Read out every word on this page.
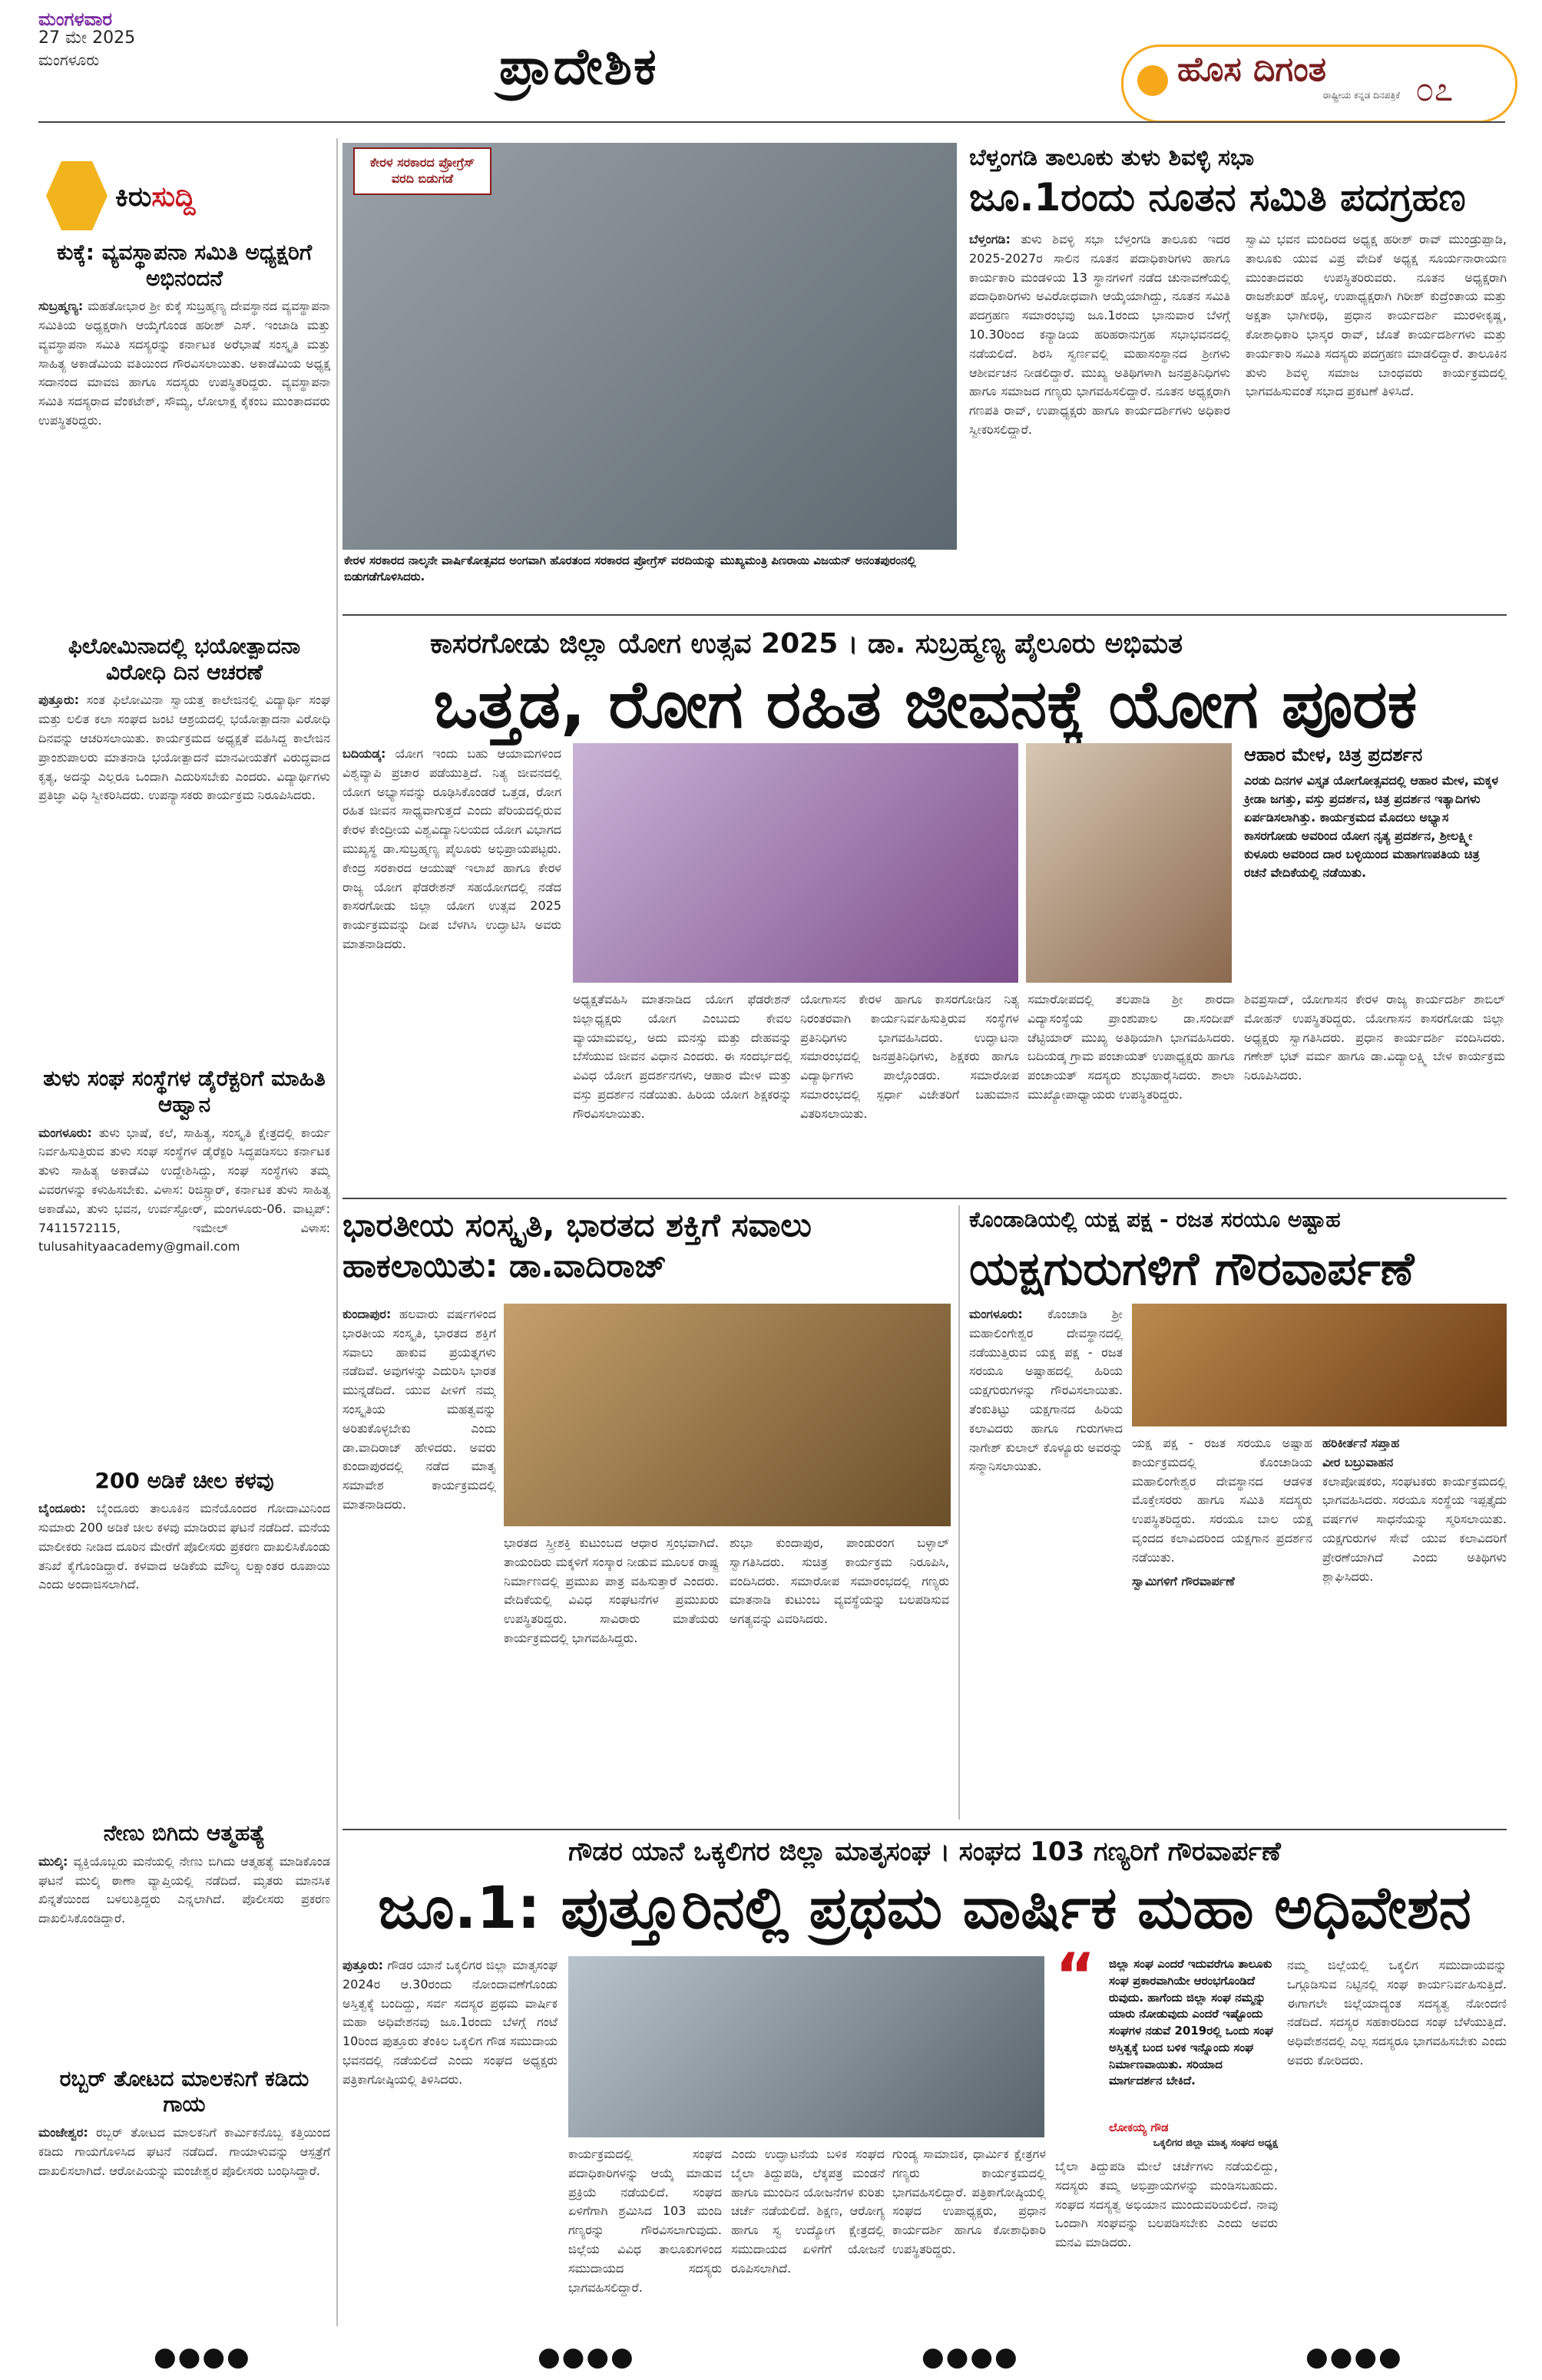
ಮಂಗಳವಾರ
27 ಮೇ 2025
ಮಂಗಳೂರು	ಪ್ರಾದೇಶಿಕ	ಹೊಸ ದಿಗಂತ
ರಾಷ್ಟ್ರೀಯ ಕನ್ನಡ ದಿನಪತ್ರಿಕೆ ೦೭
ಕಿರುಸುದ್ದಿ
ಕುಕ್ಕೆ: ವ್ಯವಸ್ಥಾಪನಾ ಸಮಿತಿ ಅಧ್ಯಕ್ಷರಿಗೆ ಅಭಿನಂದನೆ
ಸುಬ್ರಹ್ಮಣ್ಯ: ಮಹತೋಭಾರ ಶ್ರೀ ಕುಕ್ಕೆ ಸುಬ್ರಹ್ಮಣ್ಯ ದೇವಸ್ಥಾನದ ವ್ಯವಸ್ಥಾಪನಾ ಸಮಿತಿಯ ಅಧ್ಯಕ್ಷರಾಗಿ ಆಯ್ಕೆಗೊಂಡ ಹರೀಶ್ ಎಸ್. ಇಂಜಾಡಿ ಮತ್ತು ವ್ಯವಸ್ಥಾಪನಾ ಸಮಿತಿ ಸದಸ್ಯರನ್ನು ಕರ್ನಾಟಕ ಅರೆಭಾಷೆ ಸಂಸ್ಕೃತಿ ಮತ್ತು ಸಾಹಿತ್ಯ ಅಕಾಡೆಮಿಯ ವತಿಯಿಂದ ಗೌರವಿಸಲಾಯಿತು. ಅಕಾಡೆಮಿಯ ಅಧ್ಯಕ್ಷ ಸದಾನಂದ ಮಾವಜಿ ಹಾಗೂ ಸದಸ್ಯರು ಉಪಸ್ಥಿತರಿದ್ದರು. ವ್ಯವಸ್ಥಾಪನಾ ಸಮಿತಿ ಸದಸ್ಯರಾದ ವೆಂಕಟೇಶ್, ಸೌಮ್ಯ, ಲೋಲಾಕ್ಷ ಕೈಕಂಬ ಮುಂತಾದವರು ಉಪಸ್ಥಿತರಿದ್ದರು.
ಫಿಲೋಮಿನಾದಲ್ಲಿ ಭಯೋತ್ಪಾದನಾ ವಿರೋಧಿ ದಿನ ಆಚರಣೆ
ಪುತ್ತೂರು: ಸಂತ ಫಿಲೋಮಿನಾ ಸ್ವಾಯತ್ತ ಕಾಲೇಜಿನಲ್ಲಿ ವಿದ್ಯಾರ್ಥಿ ಸಂಘ ಮತ್ತು ಲಲಿತ ಕಲಾ ಸಂಘದ ಜಂಟಿ ಆಶ್ರಯದಲ್ಲಿ ಭಯೋತ್ಪಾದನಾ ವಿರೋಧಿ ದಿನವನ್ನು ಆಚರಿಸಲಾಯಿತು. ಕಾರ್ಯಕ್ರಮದ ಅಧ್ಯಕ್ಷತೆ ವಹಿಸಿದ್ದ ಕಾಲೇಜಿನ ಪ್ರಾಂಶುಪಾಲರು ಮಾತನಾಡಿ ಭಯೋತ್ಪಾದನೆ ಮಾನವೀಯತೆಗೆ ವಿರುದ್ಧವಾದ ಕೃತ್ಯ, ಅದನ್ನು ಎಲ್ಲರೂ ಒಂದಾಗಿ ಎದುರಿಸಬೇಕು ಎಂದರು. ವಿದ್ಯಾರ್ಥಿಗಳು ಪ್ರತಿಜ್ಞಾ ವಿಧಿ ಸ್ವೀಕರಿಸಿದರು. ಉಪನ್ಯಾಸಕರು ಕಾರ್ಯಕ್ರಮ ನಿರೂಪಿಸಿದರು.
ತುಳು ಸಂಘ ಸಂಸ್ಥೆಗಳ ಡೈರೆಕ್ಟರಿಗೆ ಮಾಹಿತಿ ಆಹ್ವಾನ
ಮಂಗಳೂರು: ತುಳು ಭಾಷೆ, ಕಲೆ, ಸಾಹಿತ್ಯ, ಸಂಸ್ಕೃತಿ ಕ್ಷೇತ್ರದಲ್ಲಿ ಕಾರ್ಯ ನಿರ್ವಹಿಸುತ್ತಿರುವ ತುಳು ಸಂಘ ಸಂಸ್ಥೆಗಳ ಡೈರೆಕ್ಟರಿ ಸಿದ್ಧಪಡಿಸಲು ಕರ್ನಾಟಕ ತುಳು ಸಾಹಿತ್ಯ ಅಕಾಡೆಮಿ ಉದ್ದೇಶಿಸಿದ್ದು, ಸಂಘ ಸಂಸ್ಥೆಗಳು ತಮ್ಮ ವಿವರಗಳನ್ನು ಕಳುಹಿಸಬೇಕು. ವಿಳಾಸ: ರಿಜಿಸ್ಟ್ರಾರ್, ಕರ್ನಾಟಕ ತುಳು ಸಾಹಿತ್ಯ ಅಕಾಡೆಮಿ, ತುಳು ಭವನ, ಉರ್ವಸ್ಟೋರ್, ಮಂಗಳೂರು-06. ವಾಟ್ಸಪ್: 7411572115, ಇಮೇಲ್ ವಿಳಾಸ: tulusahityaacademy@gmail.com
200 ಅಡಿಕೆ ಚೀಲ ಕಳವು
ಬೈಂದೂರು: ಬೈಂದೂರು ತಾಲೂಕಿನ ಮನೆಯೊಂದರ ಗೋದಾಮಿನಿಂದ ಸುಮಾರು 200 ಅಡಿಕೆ ಚೀಲ ಕಳವು ಮಾಡಿರುವ ಘಟನೆ ನಡೆದಿದೆ. ಮನೆಯ ಮಾಲೀಕರು ನೀಡಿದ ದೂರಿನ ಮೇರೆಗೆ ಪೊಲೀಸರು ಪ್ರಕರಣ ದಾಖಲಿಸಿಕೊಂಡು ತನಿಖೆ ಕೈಗೊಂಡಿದ್ದಾರೆ. ಕಳವಾದ ಅಡಿಕೆಯ ಮೌಲ್ಯ ಲಕ್ಷಾಂತರ ರೂಪಾಯಿ ಎಂದು ಅಂದಾಜಿಸಲಾಗಿದೆ.
ನೇಣು ಬಿಗಿದು ಆತ್ಮಹತ್ಯೆ
ಮುಲ್ಕಿ: ವ್ಯಕ್ತಿಯೊಬ್ಬರು ಮನೆಯಲ್ಲಿ ನೇಣು ಬಿಗಿದು ಆತ್ಮಹತ್ಯೆ ಮಾಡಿಕೊಂಡ ಘಟನೆ ಮುಲ್ಕಿ ಠಾಣಾ ವ್ಯಾಪ್ತಿಯಲ್ಲಿ ನಡೆದಿದೆ. ಮೃತರು ಮಾನಸಿಕ ಖಿನ್ನತೆಯಿಂದ ಬಳಲುತ್ತಿದ್ದರು ಎನ್ನಲಾಗಿದೆ. ಪೊಲೀಸರು ಪ್ರಕರಣ ದಾಖಲಿಸಿಕೊಂಡಿದ್ದಾರೆ.
ರಬ್ಬರ್ ತೋಟದ ಮಾಲಕನಿಗೆ ಕಡಿದು ಗಾಯ
ಮಂಜೇಶ್ವರ: ರಬ್ಬರ್ ತೋಟದ ಮಾಲಕನಿಗೆ ಕಾರ್ಮಿಕನೊಬ್ಬ ಕತ್ತಿಯಿಂದ ಕಡಿದು ಗಾಯಗೊಳಿಸಿದ ಘಟನೆ ನಡೆದಿದೆ. ಗಾಯಾಳುವನ್ನು ಆಸ್ಪತ್ರೆಗೆ ದಾಖಲಿಸಲಾಗಿದೆ. ಆರೋಪಿಯನ್ನು ಮಂಜೇಶ್ವರ ಪೊಲೀಸರು ಬಂಧಿಸಿದ್ದಾರೆ.
ಕೇರಳ ಸರಕಾರದ ಪ್ರೋಗ್ರೆಸ್ ವರದಿ ಬಿಡುಗಡೆ
ಕೇರಳ ಸರಕಾರದ ನಾಲ್ಕನೇ ವಾರ್ಷಿಕೋತ್ಸವದ ಅಂಗವಾಗಿ ಹೊರತಂದ ಸರಕಾರದ ಪ್ರೋಗ್ರೆಸ್ ವರದಿಯನ್ನು ಮುಖ್ಯಮಂತ್ರಿ ಪಿಣರಾಯಿ ವಿಜಯನ್ ಅನಂತಪುರಂನಲ್ಲಿ ಬಿಡುಗಡೆಗೊಳಿಸಿದರು.
ಬೆಳ್ತಂಗಡಿ ತಾಲೂಕು ತುಳು ಶಿವಳ್ಳಿ ಸಭಾ
ಜೂ.1ರಂದು ನೂತನ ಸಮಿತಿ ಪದಗ್ರಹಣ
ಬೆಳ್ತಂಗಡಿ: ತುಳು ಶಿವಳ್ಳಿ ಸಭಾ ಬೆಳ್ತಂಗಡಿ ತಾಲೂಕು ಇದರ 2025-2027ರ ಸಾಲಿನ ನೂತನ ಪದಾಧಿಕಾರಿಗಳು ಹಾಗೂ ಕಾರ್ಯಕಾರಿ ಮಂಡಳಿಯ 13 ಸ್ಥಾನಗಳಿಗೆ ನಡೆದ ಚುನಾವಣೆಯಲ್ಲಿ ಪದಾಧಿಕಾರಿಗಳು ಅವಿರೋಧವಾಗಿ ಆಯ್ಕೆಯಾಗಿದ್ದು, ನೂತನ ಸಮಿತಿ ಪದಗ್ರಹಣ ಸಮಾರಂಭವು ಜೂ.1ರಂದು ಭಾನುವಾರ ಬೆಳಗ್ಗೆ 10.30ರಿಂದ ಕನ್ಯಾಡಿಯ ಹರಿಹರಾನುಗ್ರಹ ಸಭಾಭವನದಲ್ಲಿ ನಡೆಯಲಿದೆ. ಶಿರಸಿ ಸ್ವರ್ಣವಲ್ಲಿ ಮಹಾಸಂಸ್ಥಾನದ ಶ್ರೀಗಳು ಆಶೀರ್ವಚನ ನೀಡಲಿದ್ದಾರೆ. ಮುಖ್ಯ ಅತಿಥಿಗಳಾಗಿ ಜನಪ್ರತಿನಿಧಿಗಳು ಹಾಗೂ ಸಮಾಜದ ಗಣ್ಯರು ಭಾಗವಹಿಸಲಿದ್ದಾರೆ. ನೂತನ ಅಧ್ಯಕ್ಷರಾಗಿ ಗಣಪತಿ ರಾವ್, ಉಪಾಧ್ಯಕ್ಷರು ಹಾಗೂ ಕಾರ್ಯದರ್ಶಿಗಳು ಅಧಿಕಾರ ಸ್ವೀಕರಿಸಲಿದ್ದಾರೆ.
ಸ್ವಾಮಿ ಭವನ ಮಂದಿರದ ಅಧ್ಯಕ್ಷ ಹರೀಶ್ ರಾವ್ ಮುಂಡ್ರುಪ್ಪಾಡಿ, ತಾಲೂಕು ಯುವ ವಿಪ್ರ ವೇದಿಕೆ ಅಧ್ಯಕ್ಷ ಸೂರ್ಯನಾರಾಯಣ ಮುಂತಾದವರು ಉಪಸ್ಥಿತರಿರುವರು. ನೂತನ ಅಧ್ಯಕ್ಷರಾಗಿ ರಾಜಶೇಖರ್ ಹೊಳ್ಳ, ಉಪಾಧ್ಯಕ್ಷರಾಗಿ ಗಿರೀಶ್ ಕುದ್ರೆಂತಾಯ ಮತ್ತು ಅಕ್ಷತಾ ಭಾಗೀರಥಿ, ಪ್ರಧಾನ ಕಾರ್ಯದರ್ಶಿ ಮುರಳೀಕೃಷ್ಣ, ಕೋಶಾಧಿಕಾರಿ ಭಾಸ್ಕರ ರಾವ್, ಜೊತೆ ಕಾರ್ಯದರ್ಶಿಗಳು ಮತ್ತು ಕಾರ್ಯಕಾರಿ ಸಮಿತಿ ಸದಸ್ಯರು ಪದಗ್ರಹಣ ಮಾಡಲಿದ್ದಾರೆ. ತಾಲೂಕಿನ ತುಳು ಶಿವಳ್ಳಿ ಸಮಾಜ ಬಾಂಧವರು ಕಾರ್ಯಕ್ರಮದಲ್ಲಿ ಭಾಗವಹಿಸುವಂತೆ ಸಭಾದ ಪ್ರಕಟಣೆ ತಿಳಿಸಿದೆ.
ಕಾಸರಗೋಡು ಜಿಲ್ಲಾ ಯೋಗ ಉತ್ಸವ 2025 । ಡಾ. ಸುಬ್ರಹ್ಮಣ್ಯ ಪೈಲೂರು ಅಭಿಮತ
ಒತ್ತಡ, ರೋಗ ರಹಿತ ಜೀವನಕ್ಕೆ ಯೋಗ ಪೂರಕ
ಬದಿಯಡ್ಕ: ಯೋಗ ಇಂದು ಬಹು ಆಯಾಮಗಳಿಂದ ವಿಶ್ವವ್ಯಾಪಿ ಪ್ರಚಾರ ಪಡೆಯುತ್ತಿದೆ. ನಿತ್ಯ ಜೀವನದಲ್ಲಿ ಯೋಗ ಅಭ್ಯಾಸವನ್ನು ರೂಢಿಸಿಕೊಂಡರೆ ಒತ್ತಡ, ರೋಗ ರಹಿತ ಜೀವನ ಸಾಧ್ಯವಾಗುತ್ತದೆ ಎಂದು ಪೆರಿಯದಲ್ಲಿರುವ ಕೇರಳ ಕೇಂದ್ರೀಯ ವಿಶ್ವವಿದ್ಯಾನಿಲಯದ ಯೋಗ ವಿಭಾಗದ ಮುಖ್ಯಸ್ಥ ಡಾ.ಸುಬ್ರಹ್ಮಣ್ಯ ಪೈಲೂರು ಅಭಿಪ್ರಾಯಪಟ್ಟರು. ಕೇಂದ್ರ ಸರಕಾರದ ಆಯುಷ್ ಇಲಾಖೆ ಹಾಗೂ ಕೇರಳ ರಾಜ್ಯ ಯೋಗ ಫೆಡರೇಶನ್ ಸಹಯೋಗದಲ್ಲಿ ನಡೆದ ಕಾಸರಗೋಡು ಜಿಲ್ಲಾ ಯೋಗ ಉತ್ಸವ 2025 ಕಾರ್ಯಕ್ರಮವನ್ನು ದೀಪ ಬೆಳಗಿಸಿ ಉದ್ಘಾಟಿಸಿ ಅವರು ಮಾತನಾಡಿದರು.
ಆಹಾರ ಮೇಳ, ಚಿತ್ರ ಪ್ರದರ್ಶನ
ಎರಡು ದಿನಗಳ ವಿಸ್ತೃತ ಯೋಗೋತ್ಸವದಲ್ಲಿ ಆಹಾರ ಮೇಳ, ಮಕ್ಕಳ ಕ್ರೀಡಾ ಜಗತ್ತು, ವಸ್ತು ಪ್ರದರ್ಶನ, ಚಿತ್ರ ಪ್ರದರ್ಶನ ಇತ್ಯಾದಿಗಳು ಏರ್ಪಡಿಸಲಾಗಿತ್ತು. ಕಾರ್ಯಕ್ರಮದ ಮೊದಲು ಅಭ್ಯಾಸ ಕಾಸರಗೋಡು ಅವರಿಂದ ಯೋಗ ನೃತ್ಯ ಪ್ರದರ್ಶನ, ಶ್ರೀಲಕ್ಷ್ಮೀ ಕುಳೂರು ಅವರಿಂದ ದಾರ ಬಳ್ಳಿಯಿಂದ ಮಹಾಗಣಪತಿಯ ಚಿತ್ರ ರಚನೆ ವೇದಿಕೆಯಲ್ಲಿ ನಡೆಯಿತು.
ಅಧ್ಯಕ್ಷತೆವಹಿಸಿ ಮಾತನಾಡಿದ ಯೋಗ ಫೆಡರೇಶನ್ ಜಿಲ್ಲಾಧ್ಯಕ್ಷರು ಯೋಗ ಎಂಬುದು ಕೇವಲ ವ್ಯಾಯಾಮವಲ್ಲ, ಅದು ಮನಸ್ಸು ಮತ್ತು ದೇಹವನ್ನು ಬೆಸೆಯುವ ಜೀವನ ವಿಧಾನ ಎಂದರು. ಈ ಸಂದರ್ಭದಲ್ಲಿ ವಿವಿಧ ಯೋಗ ಪ್ರದರ್ಶನಗಳು, ಆಹಾರ ಮೇಳ ಮತ್ತು ವಸ್ತು ಪ್ರದರ್ಶನ ನಡೆಯಿತು. ಹಿರಿಯ ಯೋಗ ಶಿಕ್ಷಕರನ್ನು ಗೌರವಿಸಲಾಯಿತು.
ಯೋಗಾಸನ ಕೇರಳ ಹಾಗೂ ಕಾಸರಗೋಡಿನ ನಿತ್ಯ ನಿರಂತರವಾಗಿ ಕಾರ್ಯನಿರ್ವಹಿಸುತ್ತಿರುವ ಸಂಸ್ಥೆಗಳ ಪ್ರತಿನಿಧಿಗಳು ಭಾಗವಹಿಸಿದರು. ಉದ್ಘಾಟನಾ ಸಮಾರಂಭದಲ್ಲಿ ಜನಪ್ರತಿನಿಧಿಗಳು, ಶಿಕ್ಷಕರು ಹಾಗೂ ವಿದ್ಯಾರ್ಥಿಗಳು ಪಾಲ್ಗೊಂಡರು. ಸಮಾರೋಪ ಸಮಾರಂಭದಲ್ಲಿ ಸ್ಪರ್ಧಾ ವಿಜೇತರಿಗೆ ಬಹುಮಾನ ವಿತರಿಸಲಾಯಿತು.
ಸಮಾರೋಪದಲ್ಲಿ ತಲಪಾಡಿ ಶ್ರೀ ಶಾರದಾ ವಿದ್ಯಾಸಂಸ್ಥೆಯ ಪ್ರಾಂಶುಪಾಲ ಡಾ.ಸಂದೀಪ್ ಚೆಟ್ಟಿಯಾರ್ ಮುಖ್ಯ ಅತಿಥಿಯಾಗಿ ಭಾಗವಹಿಸಿದರು. ಬದಿಯಡ್ಕ ಗ್ರಾಮ ಪಂಚಾಯತ್ ಉಪಾಧ್ಯಕ್ಷರು ಹಾಗೂ ಪಂಚಾಯತ್ ಸದಸ್ಯರು ಶುಭಹಾರೈಸಿದರು. ಶಾಲಾ ಮುಖ್ಯೋಪಾಧ್ಯಾಯರು ಉಪಸ್ಥಿತರಿದ್ದರು.
ಶಿವಪ್ರಸಾದ್, ಯೋಗಾಸನ ಕೇರಳ ರಾಜ್ಯ ಕಾರ್ಯದರ್ಶಿ ಶಾಬಿಲ್ ಮೋಹನ್ ಉಪಸ್ಥಿತರಿದ್ದರು. ಯೋಗಾಸನ ಕಾಸರಗೋಡು ಜಿಲ್ಲಾ ಅಧ್ಯಕ್ಷರು ಸ್ವಾಗತಿಸಿದರು. ಪ್ರಧಾನ ಕಾರ್ಯದರ್ಶಿ ವಂದಿಸಿದರು. ಗಣೇಶ್ ಭಟ್ ವರ್ಮ ಹಾಗೂ ಡಾ.ವಿದ್ಯಾಲಕ್ಷ್ಮಿ ಬೇಳ ಕಾರ್ಯಕ್ರಮ ನಿರೂಪಿಸಿದರು.
ಭಾರತೀಯ ಸಂಸ್ಕೃತಿ, ಭಾರತದ ಶಕ್ತಿಗೆ ಸವಾಲು ಹಾಕಲಾಯಿತು: ಡಾ.ವಾದಿರಾಜ್
ಕುಂದಾಪುರ: ಹಲವಾರು ವರ್ಷಗಳಿಂದ ಭಾರತೀಯ ಸಂಸ್ಕೃತಿ, ಭಾರತದ ಶಕ್ತಿಗೆ ಸವಾಲು ಹಾಕುವ ಪ್ರಯತ್ನಗಳು ನಡೆದಿವೆ. ಅವುಗಳನ್ನು ಎದುರಿಸಿ ಭಾರತ ಮುನ್ನಡೆದಿದೆ. ಯುವ ಪೀಳಿಗೆ ನಮ್ಮ ಸಂಸ್ಕೃತಿಯ ಮಹತ್ವವನ್ನು ಅರಿತುಕೊಳ್ಳಬೇಕು ಎಂದು ಡಾ.ವಾದಿರಾಜ್ ಹೇಳಿದರು. ಅವರು ಕುಂದಾಪುರದಲ್ಲಿ ನಡೆದ ಮಾತೃ ಸಮಾವೇಶ ಕಾರ್ಯಕ್ರಮದಲ್ಲಿ ಮಾತನಾಡಿದರು.
ಭಾರತದ ಸ್ತ್ರೀಶಕ್ತಿ ಕುಟುಂಬದ ಆಧಾರ ಸ್ತಂಭವಾಗಿದೆ. ತಾಯಂದಿರು ಮಕ್ಕಳಿಗೆ ಸಂಸ್ಕಾರ ನೀಡುವ ಮೂಲಕ ರಾಷ್ಟ್ರ ನಿರ್ಮಾಣದಲ್ಲಿ ಪ್ರಮುಖ ಪಾತ್ರ ವಹಿಸುತ್ತಾರೆ ಎಂದರು. ವೇದಿಕೆಯಲ್ಲಿ ವಿವಿಧ ಸಂಘಟನೆಗಳ ಪ್ರಮುಖರು ಉಪಸ್ಥಿತರಿದ್ದರು. ಸಾವಿರಾರು ಮಾತೆಯರು ಕಾರ್ಯಕ್ರಮದಲ್ಲಿ ಭಾಗವಹಿಸಿದ್ದರು.
ಶುಭಾ ಕುಂದಾಪುರ, ಪಾಂಡುರಂಗ ಬಳ್ಳಾಲ್ ಸ್ವಾಗತಿಸಿದರು. ಸುಚಿತ್ರ ಕಾರ್ಯಕ್ರಮ ನಿರೂಪಿಸಿ, ವಂದಿಸಿದರು. ಸಮಾರೋಪ ಸಮಾರಂಭದಲ್ಲಿ ಗಣ್ಯರು ಮಾತನಾಡಿ ಕುಟುಂಬ ವ್ಯವಸ್ಥೆಯನ್ನು ಬಲಪಡಿಸುವ ಅಗತ್ಯವನ್ನು ವಿವರಿಸಿದರು.
ಕೊಂಡಾಡಿಯಲ್ಲಿ ಯಕ್ಷ ಪಕ್ಷ - ರಜತ ಸರಯೂ ಅಷ್ಟಾಹ
ಯಕ್ಷಗುರುಗಳಿಗೆ ಗೌರವಾರ್ಪಣೆ
ಮಂಗಳೂರು: ಕೊಂಚಾಡಿ ಶ್ರೀ ಮಹಾಲಿಂಗೇಶ್ವರ ದೇವಸ್ಥಾನದಲ್ಲಿ ನಡೆಯುತ್ತಿರುವ ಯಕ್ಷ ಪಕ್ಷ - ರಜತ ಸರಯೂ ಅಷ್ಟಾಹದಲ್ಲಿ ಹಿರಿಯ ಯಕ್ಷಗುರುಗಳನ್ನು ಗೌರವಿಸಲಾಯಿತು. ತೆಂಕುತಿಟ್ಟು ಯಕ್ಷಗಾನದ ಹಿರಿಯ ಕಲಾವಿದರು ಹಾಗೂ ಗುರುಗಳಾದ ನಾಗೇಶ್ ಕುಲಾಲ್ ಕೊಳ್ಯೂರು ಅವರನ್ನು ಸನ್ಮಾನಿಸಲಾಯಿತು.
ಯಕ್ಷ ಪಕ್ಷ - ರಜತ ಸರಯೂ ಅಷ್ಟಾಹ ಕಾರ್ಯಕ್ರಮದಲ್ಲಿ ಕೊಂಚಾಡಿಯ ಮಹಾಲಿಂಗೇಶ್ವರ ದೇವಸ್ಥಾನದ ಆಡಳಿತ ಮೊಕ್ತೇಸರರು ಹಾಗೂ ಸಮಿತಿ ಸದಸ್ಯರು ಉಪಸ್ಥಿತರಿದ್ದರು. ಸರಯೂ ಬಾಲ ಯಕ್ಷ ವೃಂದದ ಕಲಾವಿದರಿಂದ ಯಕ್ಷಗಾನ ಪ್ರದರ್ಶನ ನಡೆಯಿತು.
ಸ್ವಾಮಿಗಳಿಗೆ ಗೌರವಾರ್ಪಣೆ
ಹರಿಕೀರ್ತನೆ ಸಪ್ತಾಹ
ವೀರ ಬಬ್ರುವಾಹನ
ಕಲಾಪೋಷಕರು, ಸಂಘಟಕರು ಕಾರ್ಯಕ್ರಮದಲ್ಲಿ ಭಾಗವಹಿಸಿದರು. ಸರಯೂ ಸಂಸ್ಥೆಯ ಇಪ್ಪತ್ತೈದು ವರ್ಷಗಳ ಸಾಧನೆಯನ್ನು ಸ್ಮರಿಸಲಾಯಿತು. ಯಕ್ಷಗುರುಗಳ ಸೇವೆ ಯುವ ಕಲಾವಿದರಿಗೆ ಪ್ರೇರಣೆಯಾಗಿದೆ ಎಂದು ಅತಿಥಿಗಳು ಶ್ಲಾಘಿಸಿದರು.
ಗೌಡರ ಯಾನೆ ಒಕ್ಕಲಿಗರ ಜಿಲ್ಲಾ ಮಾತೃಸಂಘ । ಸಂಘದ 103 ಗಣ್ಯರಿಗೆ ಗೌರವಾರ್ಪಣೆ
ಜೂ.1: ಪುತ್ತೂರಿನಲ್ಲಿ ಪ್ರಥಮ ವಾರ್ಷಿಕ ಮಹಾ ಅಧಿವೇಶನ
ಪುತ್ತೂರು: ಗೌಡರ ಯಾನೆ ಒಕ್ಕಲಿಗರ ಜಿಲ್ಲಾ ಮಾತೃಸಂಘ 2024ರ ಆ.30ರಂದು ನೋಂದಾವಣೆಗೊಂಡು ಅಸ್ತಿತ್ವಕ್ಕೆ ಬಂದಿದ್ದು, ಸರ್ವ ಸದಸ್ಯರ ಪ್ರಥಮ ವಾರ್ಷಿಕ ಮಹಾ ಅಧಿವೇಶನವು ಜೂ.1ರಂದು ಬೆಳಗ್ಗೆ ಗಂಟೆ 10ರಿಂದ ಪುತ್ತೂರು ತೆಂಕಿಲ ಒಕ್ಕಲಿಗ ಗೌಡ ಸಮುದಾಯ ಭವನದಲ್ಲಿ ನಡೆಯಲಿದೆ ಎಂದು ಸಂಘದ ಅಧ್ಯಕ್ಷರು ಪತ್ರಿಕಾಗೋಷ್ಠಿಯಲ್ಲಿ ತಿಳಿಸಿದರು.
ಕಾರ್ಯಕ್ರಮದಲ್ಲಿ ಸಂಘದ ಪದಾಧಿಕಾರಿಗಳನ್ನು ಆಯ್ಕೆ ಮಾಡುವ ಪ್ರಕ್ರಿಯೆ ನಡೆಯಲಿದೆ. ಸಂಘದ ಏಳಿಗೆಗಾಗಿ ಶ್ರಮಿಸಿದ 103 ಮಂದಿ ಗಣ್ಯರನ್ನು ಗೌರವಿಸಲಾಗುವುದು. ಜಿಲ್ಲೆಯ ವಿವಿಧ ತಾಲೂಕುಗಳಿಂದ ಸಮುದಾಯದ ಸದಸ್ಯರು ಭಾಗವಹಿಸಲಿದ್ದಾರೆ.
ಎಂದು ಉದ್ಘಾಟನೆಯ ಬಳಿಕ ಸಂಘದ ಬೈಲಾ ತಿದ್ದುಪಡಿ, ಲೆಕ್ಕಪತ್ರ ಮಂಡನೆ ಹಾಗೂ ಮುಂದಿನ ಯೋಜನೆಗಳ ಕುರಿತು ಚರ್ಚೆ ನಡೆಯಲಿದೆ. ಶಿಕ್ಷಣ, ಆರೋಗ್ಯ ಹಾಗೂ ಸ್ವ ಉದ್ಯೋಗ ಕ್ಷೇತ್ರದಲ್ಲಿ ಸಮುದಾಯದ ಏಳಿಗೆಗೆ ಯೋಜನೆ ರೂಪಿಸಲಾಗಿದೆ.
ಗುಂಡ್ಯ ಸಾಮಾಜಿಕ, ಧಾರ್ಮಿಕ ಕ್ಷೇತ್ರಗಳ ಗಣ್ಯರು ಕಾರ್ಯಕ್ರಮದಲ್ಲಿ ಭಾಗವಹಿಸಲಿದ್ದಾರೆ. ಪತ್ರಿಕಾಗೋಷ್ಠಿಯಲ್ಲಿ ಸಂಘದ ಉಪಾಧ್ಯಕ್ಷರು, ಪ್ರಧಾನ ಕಾರ್ಯದರ್ಶಿ ಹಾಗೂ ಕೋಶಾಧಿಕಾರಿ ಉಪಸ್ಥಿತರಿದ್ದರು.
“ ಜಿಲ್ಲಾ ಸಂಘ ಎಂದರೆ ಇದುವರೆಗೂ ತಾಲೂಕು ಸಂಘ ಪ್ರಕಾರವಾಗಿಯೇ ಆರಂಭಗೊಂಡಿದೆ ರುವುದು. ಹಾಗೆಂದು ಜಿಲ್ಲಾ ಸಂಘ ನಮ್ಮನ್ನು ಯಾರು ನೋಡುವುದು ಎಂದರೆ ಇಷ್ಟೊಂದು ಸಂಘಗಳ ನಡುವೆ 2019ರಲ್ಲಿ ಒಂದು ಸಂಘ ಅಸ್ತಿತ್ವಕ್ಕೆ ಬಂದ ಬಳಿಕ ಇನ್ನೊಂದು ಸಂಘ ನಿರ್ಮಾಣವಾಯಿತು. ಸರಿಯಾದ ಮಾರ್ಗದರ್ಶನ ಬೇಕಿದೆ.
ಲೋಕಯ್ಯ ಗೌಡ
ಒಕ್ಕಲಿಗರ ಜಿಲ್ಲಾ ಮಾತೃ ಸಂಘದ ಅಧ್ಯಕ್ಷ
ಬೈಲಾ ತಿದ್ದುಪಡಿ ಮೇಲೆ ಚರ್ಚೆಗಳು ನಡೆಯಲಿದ್ದು, ಸದಸ್ಯರು ತಮ್ಮ ಅಭಿಪ್ರಾಯಗಳನ್ನು ಮಂಡಿಸಬಹುದು. ಸಂಘದ ಸದಸ್ಯತ್ವ ಅಭಿಯಾನ ಮುಂದುವರಿಯಲಿದೆ. ನಾವು ಒಂದಾಗಿ ಸಂಘವನ್ನು ಬಲಪಡಿಸಬೇಕು ಎಂದು ಅವರು ಮನವಿ ಮಾಡಿದರು.
ನಮ್ಮ ಜಿಲ್ಲೆಯಲ್ಲಿ ಒಕ್ಕಲಿಗ ಸಮುದಾಯವನ್ನು ಒಗ್ಗೂಡಿಸುವ ನಿಟ್ಟಿನಲ್ಲಿ ಸಂಘ ಕಾರ್ಯನಿರ್ವಹಿಸುತ್ತಿದೆ. ಈಗಾಗಲೇ ಜಿಲ್ಲೆಯಾದ್ಯಂತ ಸದಸ್ಯತ್ವ ನೋಂದಣಿ ನಡೆದಿದೆ. ಸದಸ್ಯರ ಸಹಕಾರದಿಂದ ಸಂಘ ಬೆಳೆಯುತ್ತಿದೆ. ಅಧಿವೇಶನದಲ್ಲಿ ಎಲ್ಲ ಸದಸ್ಯರೂ ಭಾಗವಹಿಸಬೇಕು ಎಂದು ಅವರು ಕೋರಿದರು.
●●●●	●●●●	●●●●	●●●●
